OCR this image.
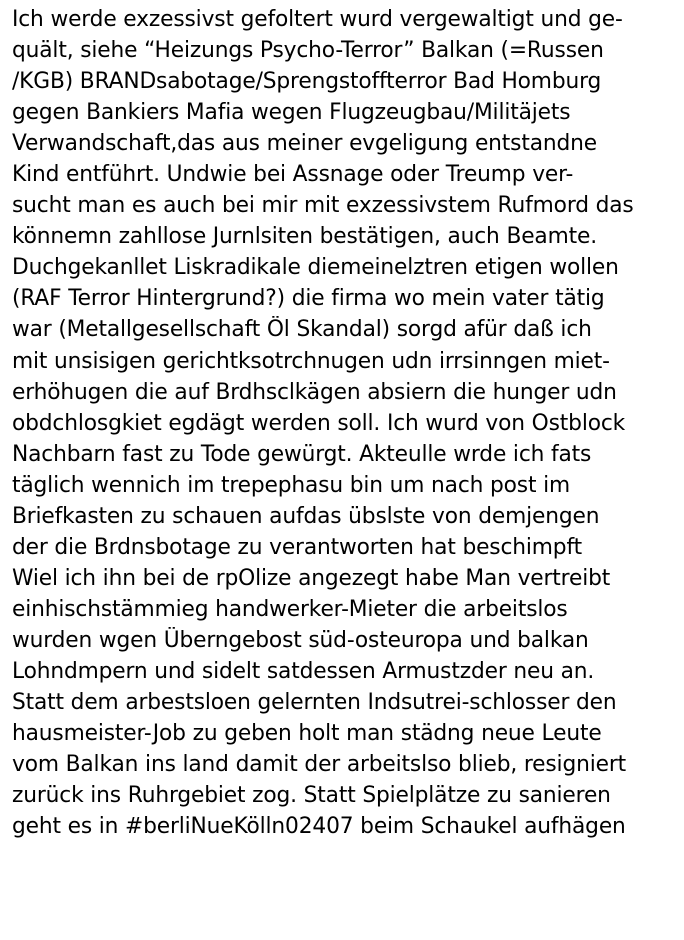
Ich werde exzessivst gefoltert wurd vergewaltigt und ge-
quält, siehe “Heizungs Psycho-Terror” Balkan (=Russen
/KGB) BRANDsabotage/Sprengstoffterror Bad Homburg
gegen Bankiers Mafia wegen Flugzeugbau/Militäjets
Verwandschaft,das aus meiner evgeligung entstandne
Kind entführt. Undwie bei Assnage oder Treump ver-
sucht man es auch bei mir mit exzessivstem Rufmord das
könnemn zahllose Jurnlsiten bestätigen, auch Beamte.
Duchgekanllet Liskradikale diemeinelztren etigen wollen
(RAF Terror Hintergrund?) die firma wo mein vater tätig
war (Metallgesellschaft Öl Skandal) sorgd afür daß ich
mit unsisigen gerichtksotrchnugen udn irrsinngen miet-
erhöhugen die auf Brdhsclkägen absiern die hunger udn
obdchlosgkiet egdägt werden soll. Ich wurd von Ostblock
Nachbarn fast zu Tode gewürgt. Akteulle wrde ich fats
täglich wennich im trepephasu bin um nach post im
Briefkasten zu schauen aufdas übslste von demjengen
der die Brdnsbotage zu verantworten hat beschimpft
Wiel ich ihn bei de rpOlize angezegt habe Man vertreibt
einhischstämmieg handwerker-Mieter die arbeitslos
wurden wgen Überngebost süd-osteuropa und balkan
Lohndmpern und sidelt satdessen Armustzder neu an.
Statt dem arbestsloen gelernten Indsutrei-schlosser den
hausmeister-Job zu geben holt man städng neue Leute
vom Balkan ins land damit der arbeitslso blieb, resigniert
zurück ins Ruhrgebiet zog. Statt Spielplätze zu sanieren
geht es in #berliNueKölln02407 beim Schaukel aufhägen
